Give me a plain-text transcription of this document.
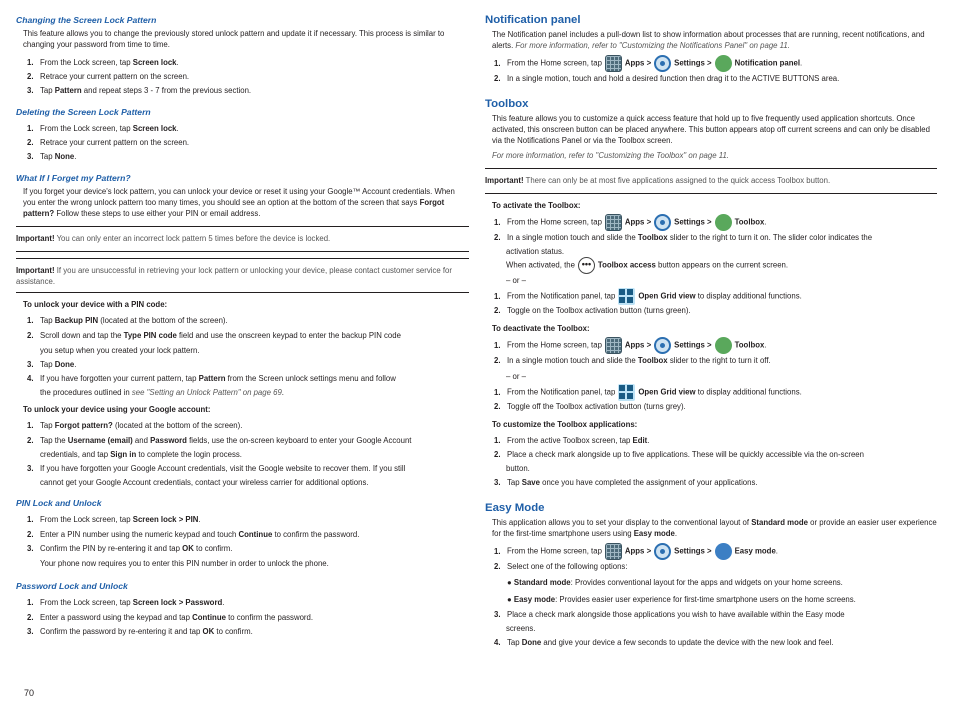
Changing the Screen Lock Pattern
This feature allows you to change the previously stored unlock pattern and update it if necessary. This process is similar to changing your password from time to time.
1. From the Lock screen, tap Screen lock.
2. Retrace your current pattern on the screen.
3. Tap Pattern and repeat steps 3 - 7 from the previous section.
Deleting the Screen Lock Pattern
1. From the Lock screen, tap Screen lock.
2. Retrace your current pattern on the screen.
3. Tap None.
What If I Forget my Pattern?
If you forget your device's lock pattern, you can unlock your device or reset it using your Google™ Account credentials. When you enter the wrong unlock pattern too many times, you should see an option at the bottom of the screen that says Forgot pattern? Follow these steps to use either your PIN or email address.
Important! You can only enter an incorrect lock pattern 5 times before the device is locked.
Important! If you are unsuccessful in retrieving your lock pattern or unlocking your device, please contact customer service for assistance.
To unlock your device with a PIN code:
1. Tap Backup PIN (located at the bottom of the screen).
2. Scroll down and tap the Type PIN code field and use the onscreen keypad to enter the backup PIN code
you setup when you created your lock pattern.
3. Tap Done.
4. If you have forgotten your current pattern, tap Pattern from the Screen unlock settings menu and follow
the procedures outlined in see "Setting an Unlock Pattern" on page 69.
To unlock your device using your Google account:
1. Tap Forgot pattern? (located at the bottom of the screen).
2. Tap the Username (email) and Password fields, use the on-screen keyboard to enter your Google Account
credentials, and tap Sign in to complete the login process.
3. If you have forgotten your Google Account credentials, visit the Google website to recover them. If you still
cannot get your Google Account credentials, contact your wireless carrier for additional options.
PIN Lock and Unlock
1. From the Lock screen, tap Screen lock > PIN.
2. Enter a PIN number using the numeric keypad and touch Continue to confirm the password.
3. Confirm the PIN by re-entering it and tap OK to confirm.
Your phone now requires you to enter this PIN number in order to unlock the phone.
Password Lock and Unlock
1. From the Lock screen, tap Screen lock > Password.
2. Enter a password using the keypad and tap Continue to confirm the password.
3. Confirm the password by re-entering it and tap OK to confirm.
Notification panel
The Notification panel includes a pull-down list to show information about processes that are running, recent notifications, and alerts. For more information, refer to "Customizing the Notifications Panel" on page 11.
1. From the Home screen, tap	Apps >	Settings >	Notification panel.
2. In a single motion, touch and hold a desired function then drag it to the ACTIVE BUTTONS area.
Toolbox
This feature allows you to customize a quick access feature that hold up to five frequently used application shortcuts. Once activated, this onscreen button can be placed anywhere. This button appears atop off current screens and can only be disabled via the Notifications Panel or via the Toolbox screen.
For more information, refer to "Customizing the Toolbox" on page 11.
Important! There can only be at most five applications assigned to the quick access Toolbox button.
To activate the Toolbox:
1. From the Home screen, tap	Apps >	Settings >	Toolbox.
2. In a single motion touch and slide the Toolbox slider to the right to turn it on. The slider color indicates the
activation status.
When activated, the ••• Toolbox access button appears on the current screen.
– or –
1. From the Notification panel, tap	Open Grid view to display additional functions.
2. Toggle on the Toolbox activation button (turns green).
To deactivate the Toolbox:
1. From the Home screen, tap	Apps >	Settings >	Toolbox.
2. In a single motion touch and slide the Toolbox slider to the right to turn it off.
– or –
1. From the Notification panel, tap	Open Grid view to display additional functions.
2. Toggle off the Toolbox activation button (turns grey).
To customize the Toolbox applications:
1. From the active Toolbox screen, tap Edit.
2. Place a check mark alongside up to five applications. These will be quickly accessible via the on-screen
button.
3. Tap Save once you have completed the assignment of your applications.
Easy Mode
This application allows you to set your display to the conventional layout of Standard mode or provide an easier user experience for the first-time smartphone users using Easy mode.
1. From the Home screen, tap	Apps >	Settings >	Easy mode.
2. Select one of the following options:
● Standard mode: Provides conventional layout for the apps and widgets on your home screens.
● Easy mode: Provides easier user experience for first-time smartphone users on the home screens.
3. Place a check mark alongside those applications you wish to have available within the Easy mode
screens.
4. Tap Done and give your device a few seconds to update the device with the new look and feel.
70
